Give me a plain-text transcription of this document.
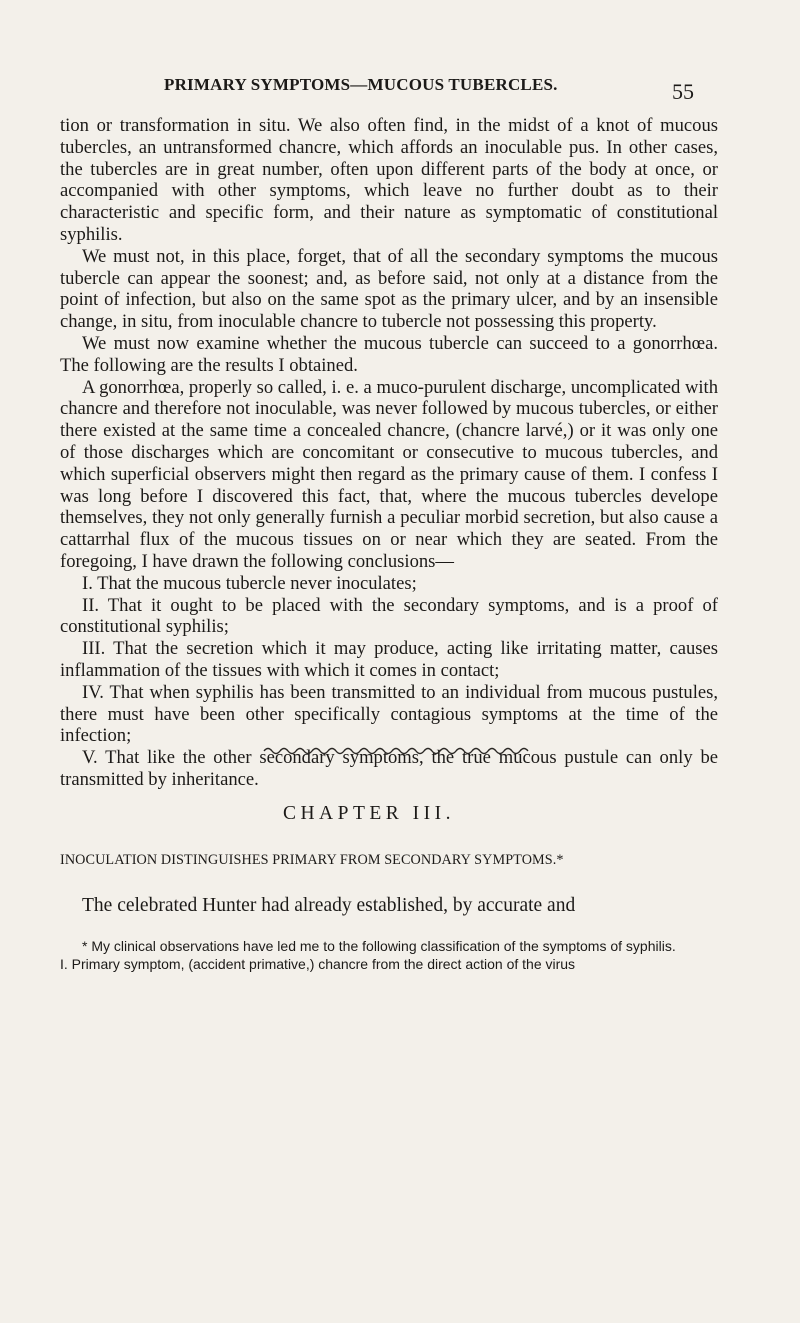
PRIMARY SYMPTOMS—MUCOUS TUBERCLES.	55

tion or transformation in situ. We also often find, in the midst of a knot of mucous tubercles, an untransformed chancre, which affords an inoculable pus. In other cases, the tubercles are in great number, often upon different parts of the body at once, or accompanied with other symptoms, which leave no further doubt as to their characteristic and specific form, and their nature as symptomatic of constitutional syphilis.

We must not, in this place, forget, that of all the secondary symptoms the mucous tubercle can appear the soonest; and, as before said, not only at a distance from the point of infection, but also on the same spot as the primary ulcer, and by an insensible change, in situ, from inoculable chancre to tubercle not possessing this property.

We must now examine whether the mucous tubercle can succeed to a gonorrhœa. The following are the results I obtained.

A gonorrhœa, properly so called, i. e. a muco-purulent discharge, uncomplicated with chancre and therefore not inoculable, was never followed by mucous tubercles, or either there existed at the same time a concealed chancre, (chancre larvé,) or it was only one of those discharges which are concomitant or consecutive to mucous tubercles, and which superficial observers might then regard as the primary cause of them. I confess I was long before I discovered this fact, that, where the mucous tubercles develope themselves, they not only generally furnish a peculiar morbid secretion, but also cause a cattarrhal flux of the mucous tissues on or near which they are seated. From the foregoing, I have drawn the following conclusions—

I. That the mucous tubercle never inoculates;

II. That it ought to be placed with the secondary symptoms, and is a proof of constitutional syphilis;

III. That the secretion which it may produce, acting like irritating matter, causes inflammation of the tissues with which it comes in contact;

IV. That when syphilis has been transmitted to an individual from mucous pustules, there must have been other specifically contagious symptoms at the time of the infection;

V. That like the other secondary symptoms, the true mucous pustule can only be transmitted by inheritance.

CHAPTER III.
INOCULATION DISTINGUISHES PRIMARY FROM SECONDARY SYMPTOMS.*
The celebrated Hunter had already established, by accurate and

* My clinical observations have led me to the following classification of the symptoms of syphilis.

I. Primary symptom, (accident primative,) chancre from the direct action of the virus
